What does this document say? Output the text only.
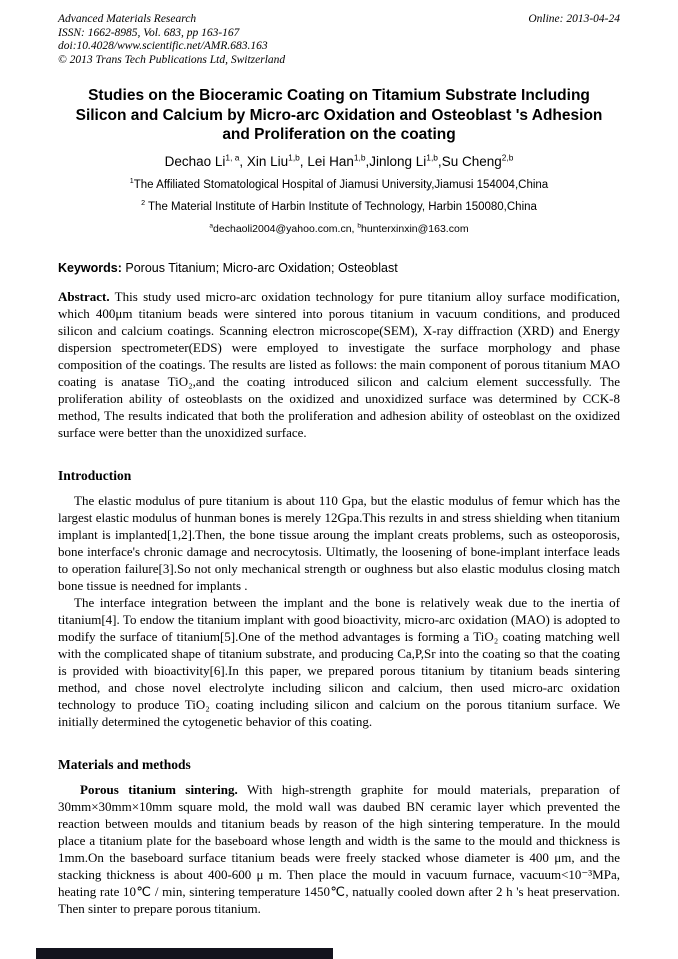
Advanced Materials Research	Online: 2013-04-24
ISSN: 1662-8985, Vol. 683, pp 163-167
doi:10.4028/www.scientific.net/AMR.683.163
© 2013 Trans Tech Publications Ltd, Switzerland
Studies on the Bioceramic Coating on Titamium Substrate Including Silicon and Calcium by Micro-arc Oxidation and Osteoblast 's Adhesion and Proliferation on the coating

Dechao Li$^{1, a}$, Xin Liu$^{1,b}$, Lei Han$^{1,b}$,Jinlong Li$^{1,b}$,Su Cheng$^{2,b}$

$^1$The Affiliated Stomatological Hospital of Jiamusi University,Jiamusi 154004,China

$^2$ The Material Institute of Harbin Institute of Technology, Harbin 150080,China

$^a$dechaoli2004@yahoo.com.cn, $^b$hunterxinxin@163.com

Keywords: Porous Titanium; Micro-arc Oxidation; Osteoblast

Abstract. This study used micro-arc oxidation technology for pure titanium alloy surface modification, which 400μm titanium beads were sintered into porous titanium in vacuum conditions, and produced silicon and calcium coatings. Scanning electron microscope(SEM), X-ray diffraction (XRD) and Energy dispersion spectrometer(EDS) were employed to investigate the surface morphology and phase composition of the coatings. The results are listed as follows: the main component of porous titanium MAO coating is anatase TiO₂,and the coating introduced silicon and calcium element successfully. The proliferation ability of osteoblasts on the oxidized and unoxidized surface was determined by CCK-8 method, The results indicated that both the proliferation and adhesion ability of osteoblast on the oxidized surface were better than the unoxidized surface.

Introduction

The elastic modulus of pure titanium is about 110 Gpa, but the elastic modulus of femur which has the largest elastic modulus of hunman bones is merely 12Gpa.This rezults in and stress shielding when titanium implant is implanted[1,2].Then, the bone tissue aroung the implant creats problems, such as osteoporosis, bone interface's chronic damage and necrocytosis. Ultimatly, the loosening of bone-implant interface leads to operation failure[3].So not only mechanical strength or oughness but also elastic modulus closing match bone tissue is needned for implants .

The interface integration between the implant and the bone is relatively weak due to the inertia of titanium[4]. To endow the titanium implant with good bioactivity, micro-arc oxidation (MAO) is adopted to modify the surface of titanium[5].One of the method advantages is forming a TiO₂ coating matching well with the complicated shape of titanium substrate, and producing Ca,P,Sr into the coating so that the coating is provided with bioactivity[6].In this paper, we prepared porous titanium by titanium beads sintering method, and chose novel electrolyte including silicon and calcium, then used micro-arc oxidation technology to produce TiO₂ coating including silicon and calcium on the porous titanium surface. We initially determined the cytogenetic behavior of this coating.

Materials and methods

Porous titanium sintering. With high-strength graphite for mould materials, preparation of 30mm×30mm×10mm square mold, the mold wall was daubed BN ceramic layer which prevented the reaction between moulds and titanium beads by reason of the high sintering temperature. In the mould place a titanium plate for the baseboard whose length and width is the same to the mould and thickness is 1mm.On the baseboard surface titanium beads were freely stacked whose diameter is 400 μm, and the stacking thickness is about 400-600 μ m. Then place the mould in vacuum furnace, vacuum<10⁻³MPa, heating rate 10℃ / min, sintering temperature 1450℃, natually cooled down after 2 h 's heat preservation. Then sinter to prepare porous titanium.
